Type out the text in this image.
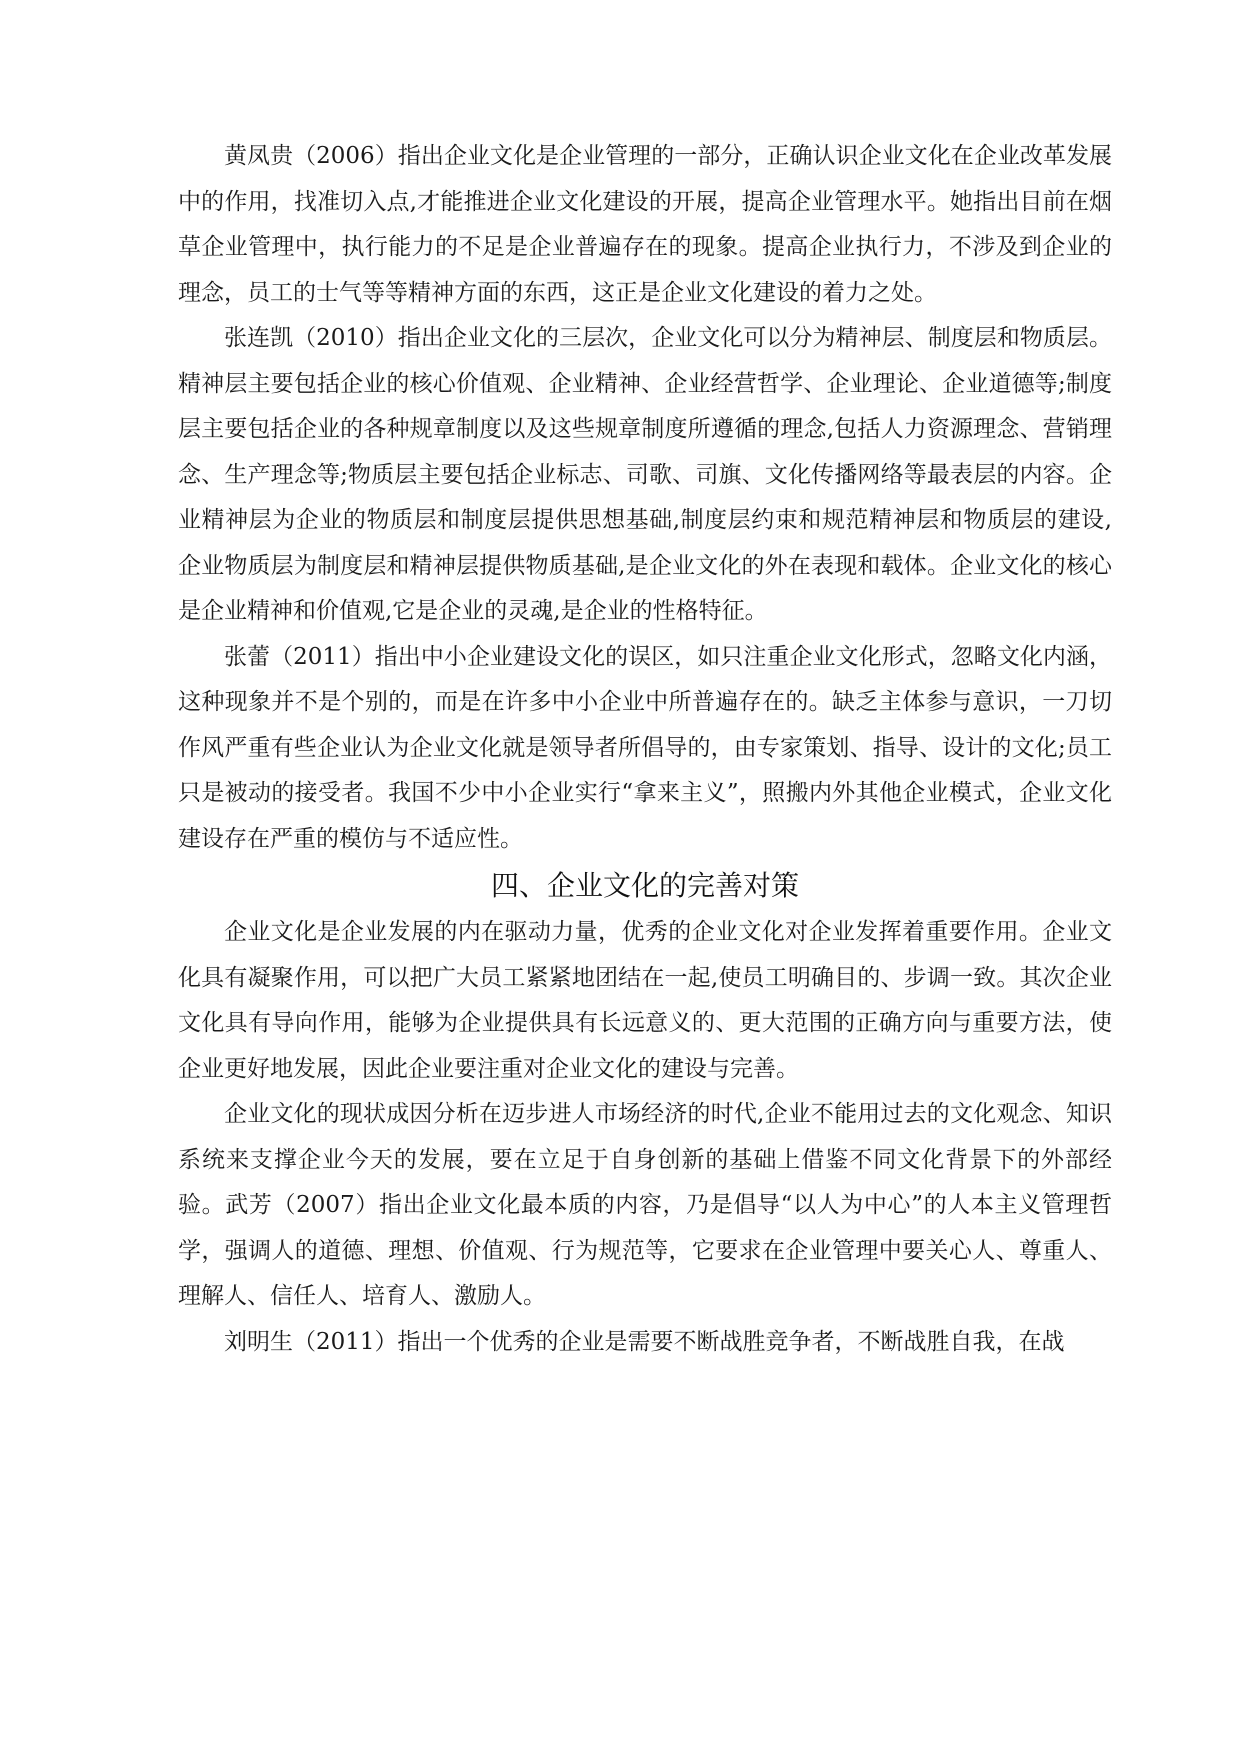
黄凤贵（2006）指出企业文化是企业管理的一部分，正确认识企业文化在企业改革发展中的作用，找准切入点,才能推进企业文化建设的开展，提高企业管理水平。她指出目前在烟草企业管理中，执行能力的不足是企业普遍存在的现象。提高企业执行力，不涉及到企业的理念，员工的士气等等精神方面的东西，这正是企业文化建设的着力之处。

张连凯（2010）指出企业文化的三层次，企业文化可以分为精神层、制度层和物质层。精神层主要包括企业的核心价值观、企业精神、企业经营哲学、企业理论、企业道德等;制度层主要包括企业的各种规章制度以及这些规章制度所遵循的理念,包括人力资源理念、营销理念、生产理念等;物质层主要包括企业标志、司歌、司旗、文化传播网络等最表层的内容。企业精神层为企业的物质层和制度层提供思想基础,制度层约束和规范精神层和物质层的建设,企业物质层为制度层和精神层提供物质基础,是企业文化的外在表现和载体。企业文化的核心是企业精神和价值观,它是企业的灵魂,是企业的性格特征。

张蕾（2011）指出中小企业建设文化的误区，如只注重企业文化形式，忽略文化内涵，这种现象并不是个别的，而是在许多中小企业中所普遍存在的。缺乏主体参与意识，一刀切作风严重有些企业认为企业文化就是领导者所倡导的，由专家策划、指导、设计的文化;员工只是被动的接受者。我国不少中小企业实行“拿来主义”，照搬内外其他企业模式，企业文化建设存在严重的模仿与不适应性。

四、企业文化的完善对策

企业文化是企业发展的内在驱动力量，优秀的企业文化对企业发挥着重要作用。企业文化具有凝聚作用，可以把广大员工紧紧地团结在一起,使员工明确目的、步调一致。其次企业文化具有导向作用，能够为企业提供具有长远意义的、更大范围的正确方向与重要方法，使企业更好地发展，因此企业要注重对企业文化的建设与完善。

企业文化的现状成因分析在迈步进人市场经济的时代,企业不能用过去的文化观念、知识系统来支撑企业今天的发展，要在立足于自身创新的基础上借鉴不同文化背景下的外部经验。武芳（2007）指出企业文化最本质的内容，乃是倡导“以人为中心”的人本主义管理哲学，强调人的道德、理想、价值观、行为规范等，它要求在企业管理中要关心人、尊重人、理解人、信任人、培育人、激励人。

刘明生（2011）指出一个优秀的企业是需要不断战胜竞争者，不断战胜自我，在战
